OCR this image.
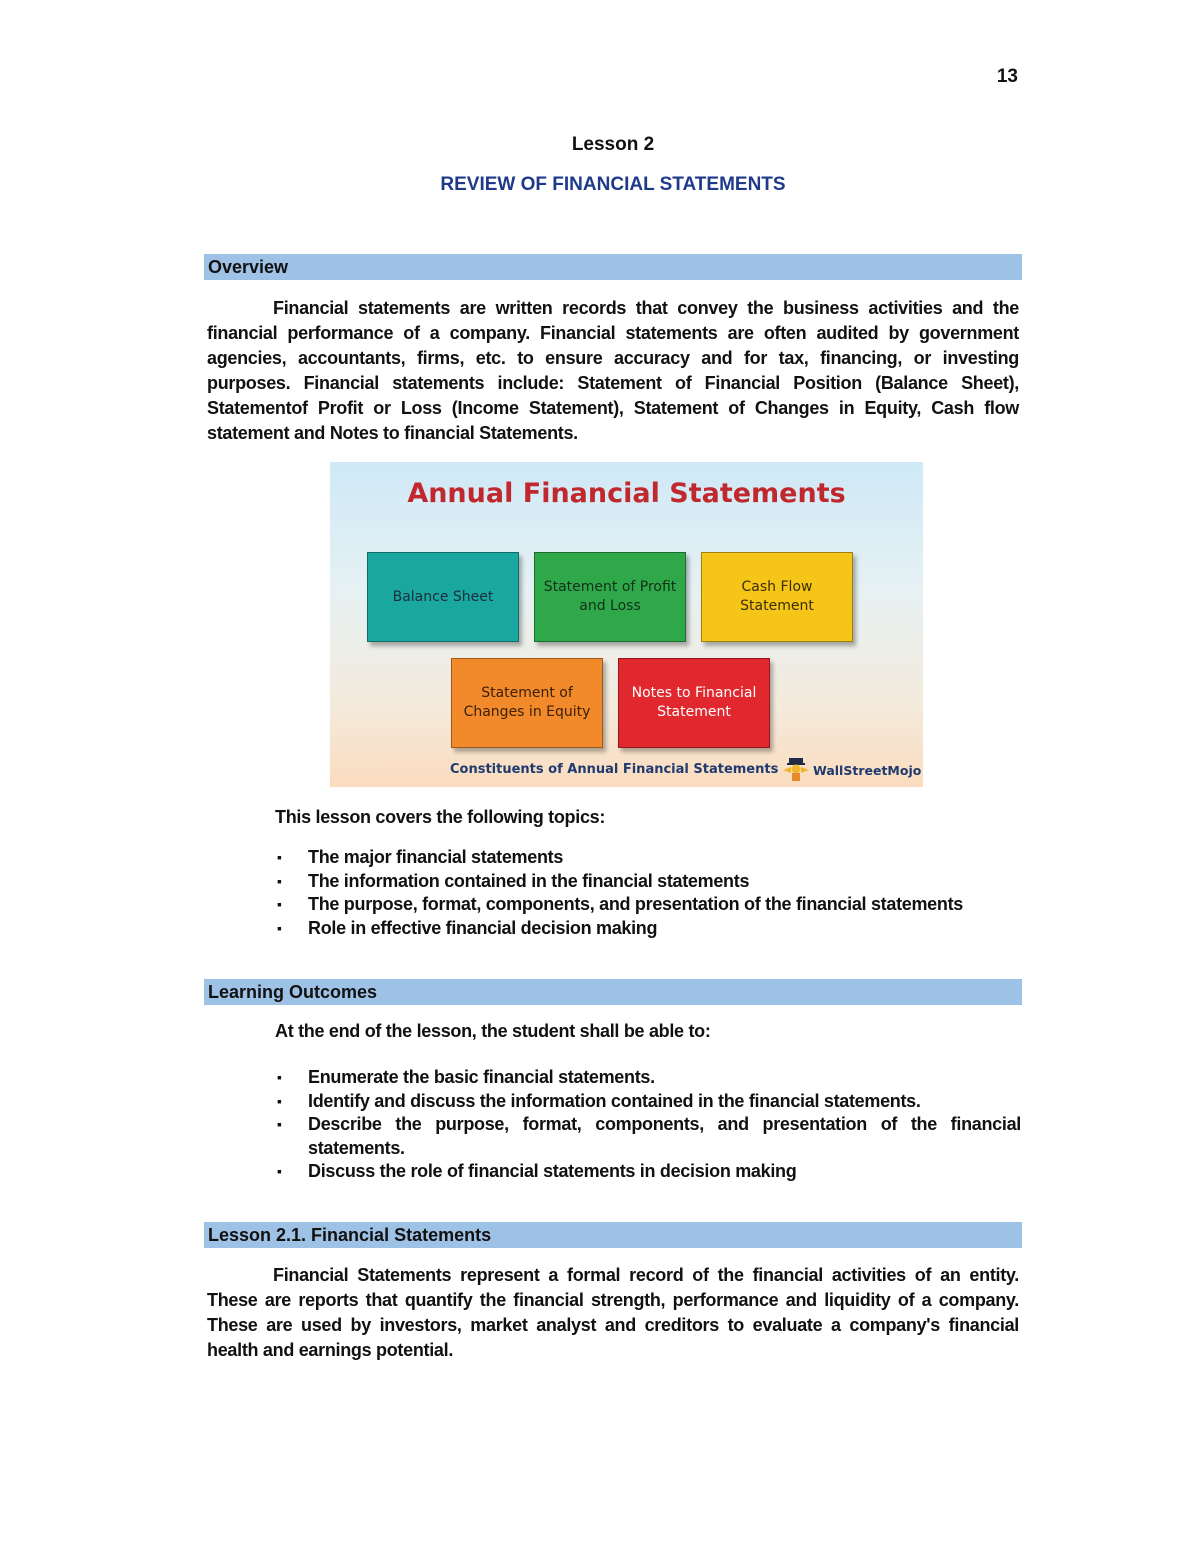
13
Lesson 2
REVIEW OF FINANCIAL STATEMENTS
Overview
Financial statements are written records that convey the business activities and the financial performance of a company. Financial statements are often audited by government agencies, accountants, firms, etc. to ensure accuracy and for tax, financing, or investing purposes. Financial statements include: Statement of Financial Position (Balance Sheet), Statementof Profit or Loss (Income Statement), Statement of Changes in Equity, Cash flow statement and Notes to financial Statements.
Annual Financial Statements
Balance Sheet
Statement of Profit and Loss
Cash Flow Statement
Statement of Changes in Equity
Notes to Financial Statement
Constituents of Annual Financial Statements	WallStreetMojo
This lesson covers the following topics:
▪ The major financial statements
▪ The information contained in the financial statements
▪ The purpose, format, components, and presentation of the financial statements
▪ Role in effective financial decision making
Learning Outcomes
At the end of the lesson, the student shall be able to:
▪ Enumerate the basic financial statements.
▪ Identify and discuss the information contained in the financial statements.
▪ Describe the purpose, format, components, and presentation of the financial statements.
▪ Discuss the role of financial statements in decision making
Lesson 2.1. Financial Statements
Financial Statements represent a formal record of the financial activities of an entity. These are reports that quantify the financial strength, performance and liquidity of a company. These are used by investors, market analyst and creditors to evaluate a company's financial health and earnings potential.
